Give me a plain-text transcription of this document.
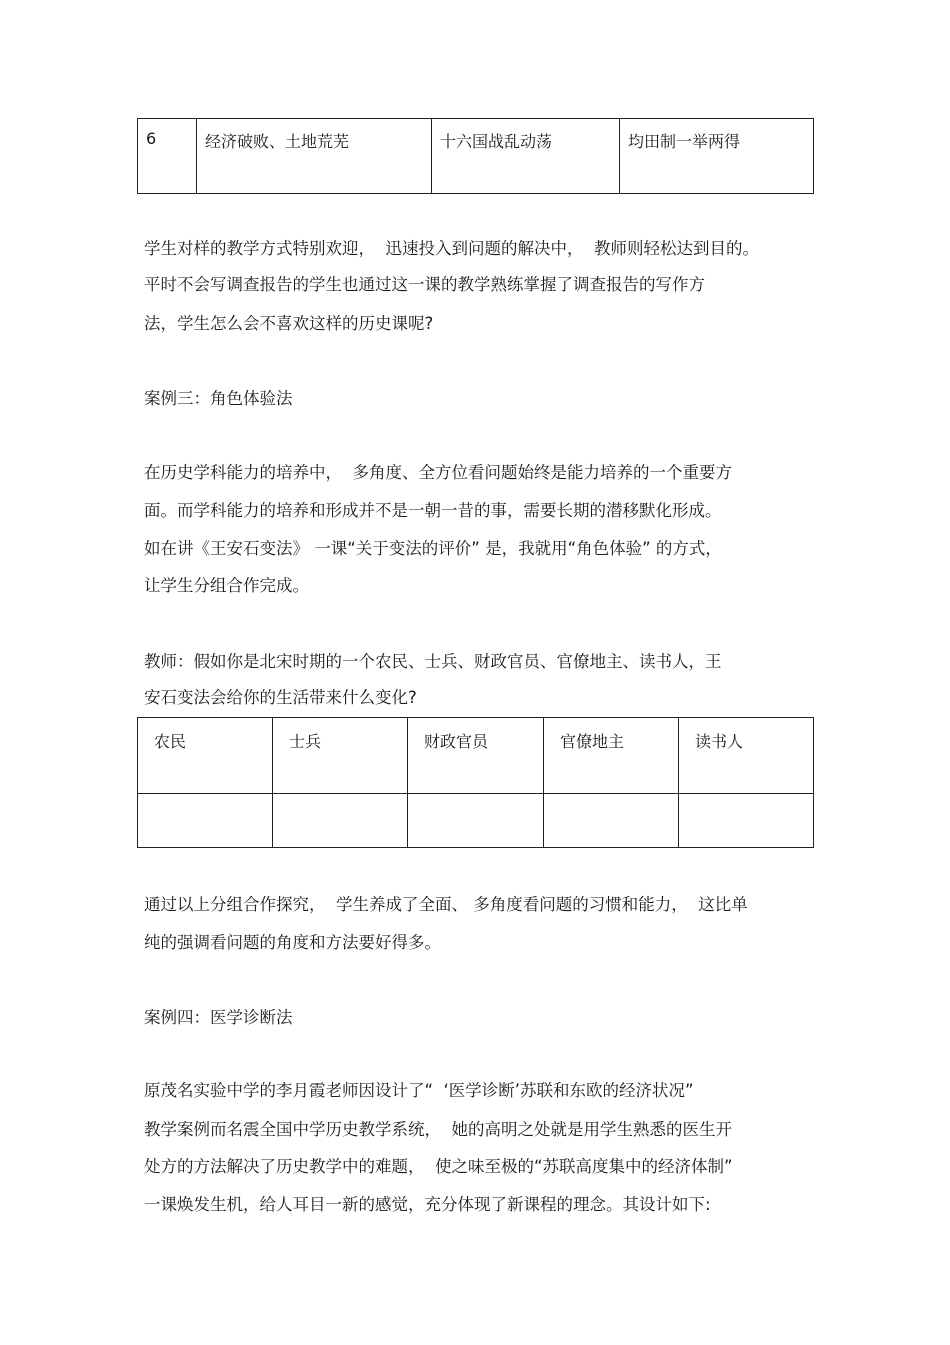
6	经济破败、土地荒芜	十六国战乱动荡	均田制一举两得
学生对样的教学方式特别欢迎，  迅速投入到问题的解决中，  教师则轻松达到目的。
平时不会写调查报告的学生也通过这一课的教学熟练掌握了调查报告的写作方
法，学生怎么会不喜欢这样的历史课呢?
案例三：角色体验法
在历史学科能力的培养中，  多角度、全方位看问题始终是能力培养的一个重要方
面。而学科能力的培养和形成并不是一朝一昔的事，需要长期的潜移默化形成。
如在讲《王安石变法》 一课“关于变法的评价” 是，我就用“角色体验” 的方式，
让学生分组合作完成。
教师：假如你是北宋时期的一个农民、士兵、财政官员、官僚地主、读书人，王
安石变法会给你的生活带来什么变化?
农民	士兵	财政官员	官僚地主	读书人

通过以上分组合作探究，  学生养成了全面、 多角度看问题的习惯和能力，  这比单
纯的强调看问题的角度和方法要好得多。
案例四：医学诊断法
原茂名实验中学的李月霞老师因设计了“  ‘医学诊断’苏联和东欧的经济状况”
教学案例而名震全国中学历史教学系统，  她的高明之处就是用学生熟悉的医生开
处方的方法解决了历史教学中的难题，  使之味至极的“苏联高度集中的经济体制”
一课焕发生机，给人耳目一新的感觉，充分体现了新课程的理念。其设计如下:
